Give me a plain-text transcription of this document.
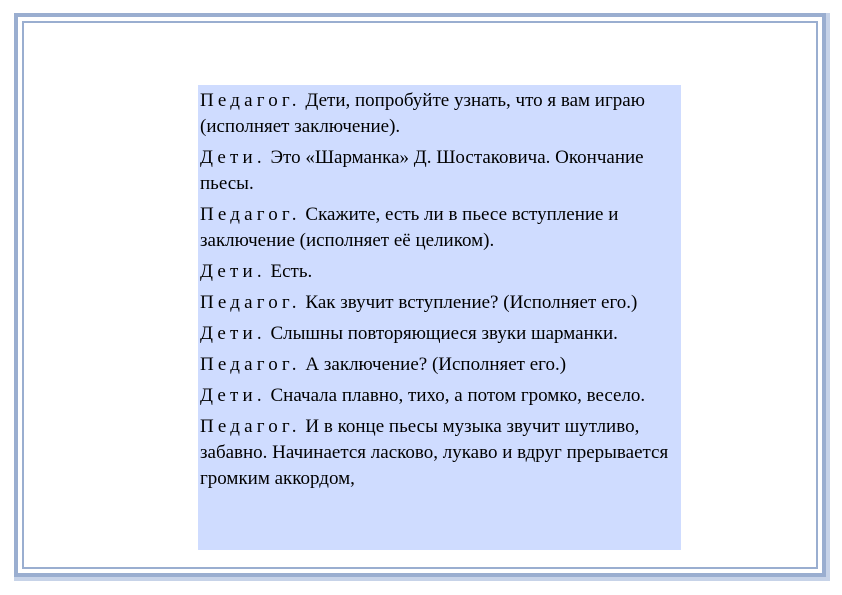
Педагог. Дети, попробуйте узнать, что я вам играю (исполняет заключение).

Дети. Это «Шарманка» Д. Шостаковича. Окончание пьесы.

Педагог. Скажите, есть ли в пьесе вступление и заключение (исполняет её целиком).

Дети. Есть.

Педагог. Как звучит вступление? (Исполняет его.)

Дети. Слышны повторяющиеся звуки шарманки.

Педагог. А заключение? (Исполняет его.)

Дети. Сначала плавно, тихо, а потом громко, весело.

Педагог. И в конце пьесы музыка звучит шутливо, забавно. Начинается ласково, лукаво и вдруг прерывается громким аккордом,
